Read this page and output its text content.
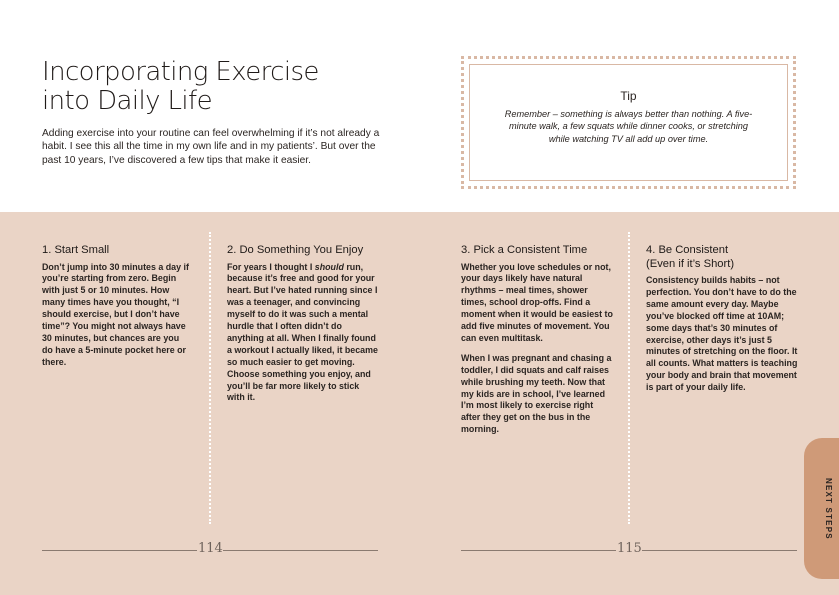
Incorporating Exercise
into Daily Life

Adding exercise into your routine can feel overwhelming if it’s not already a habit. I see this all the time in my own life and in my patients’. But over the past 10 years, I’ve discovered a few tips that make it easier.

Tip
Remember – something is always better than nothing. A five-minute walk, a few squats while dinner cooks, or stretching while watching TV all add up over time.
1. Start Small

Don’t jump into 30 minutes a day if you’re starting from zero. Begin with just 5 or 10 minutes. How many times have you thought, “I should exercise, but I don’t have time”? You might not always have 30 minutes, but chances are you do have a 5-minute pocket here or there.

2. Do Something You Enjoy

For years I thought I should run, because it’s free and good for your heart. But I’ve hated running since I was a teenager, and convincing myself to do it was such a mental hurdle that I often didn’t do anything at all. When I finally found a workout I actually liked, it became so much easier to get moving. Choose something you enjoy, and you’ll be far more likely to stick with it.

3. Pick a Consistent Time

Whether you love schedules or not, your days likely have natural rhythms – meal times, shower times, school drop-offs. Find a moment when it would be easiest to add five minutes of movement. You can even multitask.

When I was pregnant and chasing a toddler, I did squats and calf raises while brushing my teeth. Now that my kids are in school, I’ve learned I’m most likely to exercise right after they get on the bus in the morning.

4. Be Consistent
(Even if it’s Short)

Consistency builds habits – not perfection. You don’t have to do the same amount every day. Maybe you’ve blocked off time at 10AM; some days that’s 30 minutes of exercise, other days it’s just 5 minutes of stretching on the floor. It all counts. What matters is teaching your body and brain that movement is part of your daily life.

114	115
NEXT STEPS
